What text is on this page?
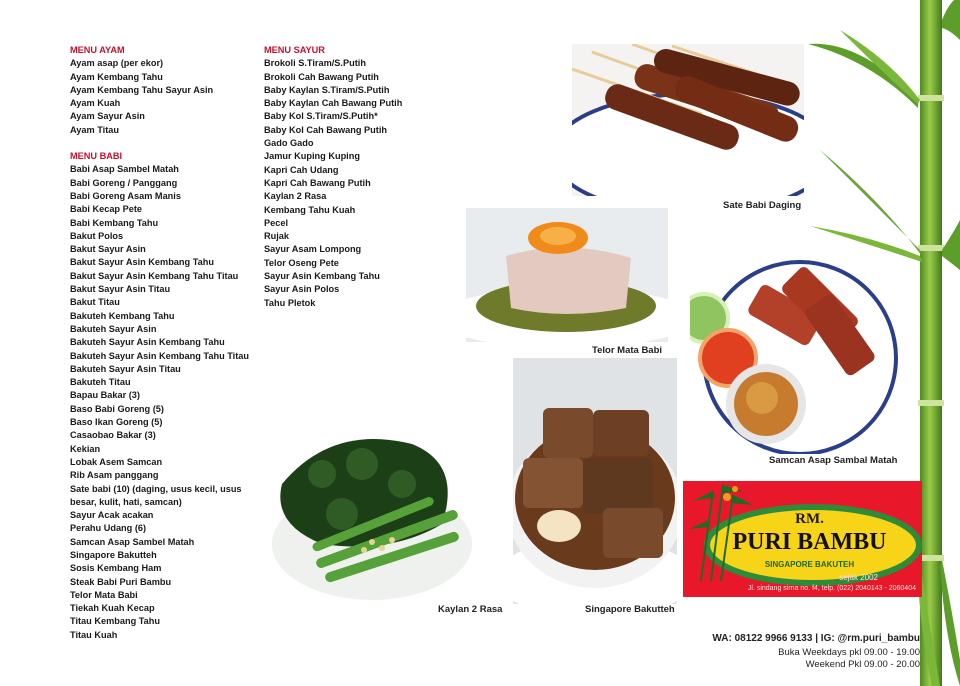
MENU AYAM
Ayam asap (per ekor)
Ayam Kembang Tahu
Ayam Kembang Tahu Sayur Asin
Ayam Kuah
Ayam Sayur Asin
Ayam Titau
MENU BABI
Babi Asap Sambel Matah
Babi Goreng / Panggang
Babi Goreng Asam Manis
Babi Kecap Pete
Babi Kembang Tahu
Bakut Polos
Bakut Sayur Asin
Bakut Sayur Asin Kembang Tahu
Bakut Sayur Asin Kembang Tahu Titau
Bakut Sayur Asin Titau
Bakut Titau
Bakuteh Kembang Tahu
Bakuteh Sayur Asin
Bakuteh Sayur Asin Kembang Tahu
Bakuteh Sayur Asin Kembang Tahu Titau
Bakuteh Sayur Asin Titau
Bakuteh Titau
Bapau Bakar (3)
Baso Babi Goreng (5)
Baso Ikan Goreng (5)
Casaobao Bakar (3)
Kekian
Lobak Asem Samcan
Rib Asam panggang
Sate babi (10) (daging, usus kecil, usus besar, kulit, hati, samcan)
Sayur Acak acakan
Perahu Udang (6)
Samcan Asap Sambel Matah
Singapore Bakutteh
Sosis Kembang Ham
Steak Babi Puri Bambu
Telor Mata Babi
Tiekah Kuah Kecap
Titau Kembang Tahu
Titau Kuah
MENU SAYUR
Brokoli S.Tiram/S.Putih
Brokoli Cah Bawang Putih
Baby Kaylan S.Tiram/S.Putih
Baby Kaylan Cah Bawang Putih
Baby Kol S.Tiram/S.Putih*
Baby Kol Cah Bawang Putih
Gado Gado
Jamur Kuping Kuping
Kapri Cah Udang
Kapri Cah Bawang Putih
Kaylan 2 Rasa
Kembang Tahu Kuah
Pecel
Rujak
Sayur Asam Lompong
Telor Oseng Pete
Sayur Asin Kembang Tahu
Sayur Asin Polos
Tahu Pletok
Sate Babi Daging
Telor Mata Babi
Samcan Asap Sambal Matah
Kaylan 2 Rasa	Singapore Bakutteh
RM.
PURI BAMBU
SINGAPORE BAKUTEH
sejak 2002
Jl. sindang sirna no. f4, telp. (022) 2040143 - 2060404
WA: 08122 9966 9133 | IG: @rm.puri_bambu
Buka Weekdays pkl 09.00 - 19.00
Weekend Pkl 09.00 - 20.00
